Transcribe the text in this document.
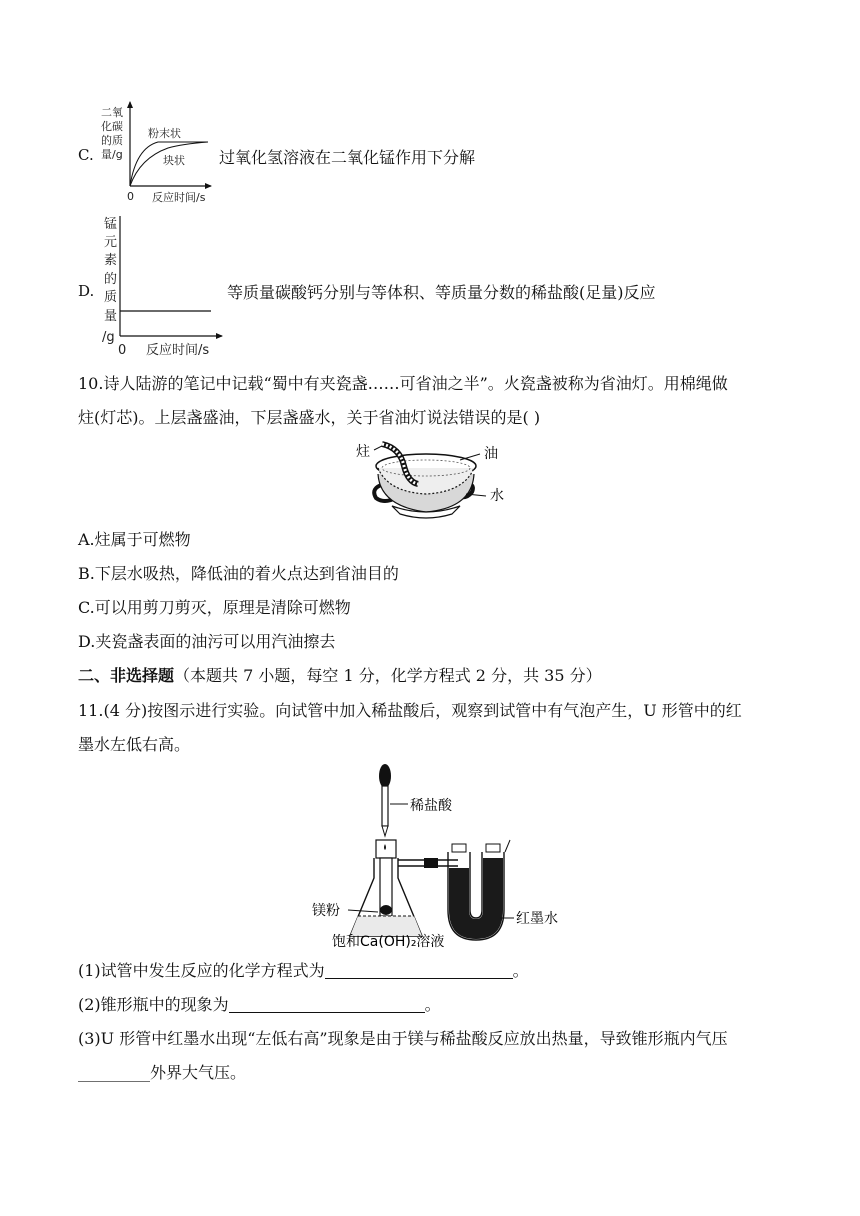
C.
二氧
化碳
的质
量/g
粉末状
块状
0 反应时间/s
过氧化氢溶液在二氧化锰作用下分解
D.
锰
元
素
的
质
量
/g
0 反应时间/s
等质量碳酸钙分别与等体积、等质量分数的稀盐酸(足量)反应
10.诗人陆游的笔记中记载“蜀中有夹瓷盏……可省油之半”。火瓷盏被称为省油灯。用棉绳做
炷(灯芯)。上层盏盛油，下层盏盛水，关于省油灯说法错误的是( )
炷	油
水
A.炷属于可燃物
B.下层水吸热，降低油的着火点达到省油目的
C.可以用剪刀剪灭，原理是清除可燃物
D.夹瓷盏表面的油污可以用汽油擦去
二、非选择题（本题共 7 小题，每空 1 分，化学方程式 2 分，共 35 分）
11.(4 分)按图示进行实验。向试管中加入稀盐酸后，观察到试管中有气泡产生，U 形管中的红
墨水左低右高。
稀盐酸
红墨水
镁粉
饱和Ca(OH)₂溶液
(1)试管中发生反应的化学方程式为	。
(2)锥形瓶中的现象为	。
(3)U 形管中红墨水出现“左低右高”现象是由于镁与稀盐酸反应放出热量，导致锥形瓶内气压
_________外界大气压。
